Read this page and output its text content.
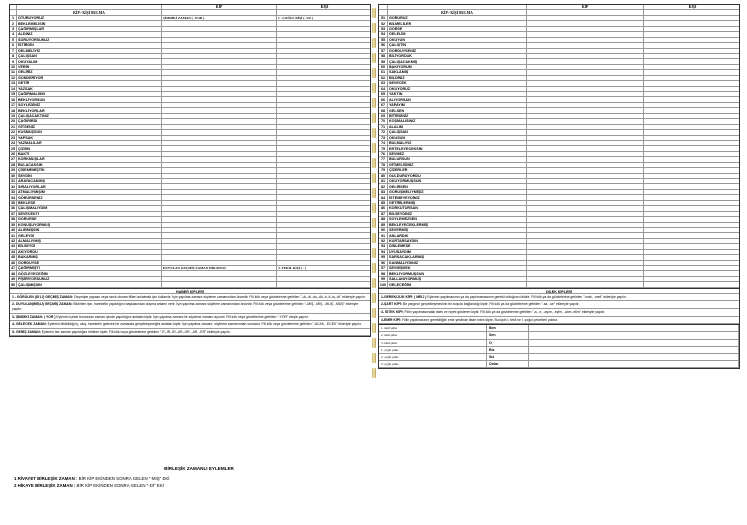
KİP	KİŞİ
KİP / KİŞİ BULMA
1	OTURUYORUZ	ŞİMDİKİ ZAMAN ( -YOR )	1 . ÇOĞUL KİŞİ ( -UZ )
2	BEKLEMELİSİN
3	ÇAĞIRMIŞLAR
4	ALDINIZ
5	SORUYORSUNUZ
6	İSTİRDİN
7	GELMELİYİZ
8	ÇALIŞSAN
9	OKUYALIM
10 VERİN
11 GELİRİZ
12 GÖNDERİYOR
13 GETİR
14 YAZSAK
15 ÇAĞIRMALISIN
16 BEKLİYORSUN
17 SÖYLEDİNİZ
18 BEKLİYORLAR
19 ÇALIŞACAKTINIZ
20 ÇAĞIRIRDI
21 GİTSENİZ
22 KÜSMÜŞSÜN
23 YAPSAK
24 YAZMALILAR
25 ÇİZSİN
26 BAKTI
27 KORKMUŞLAR
28 BULACAKSIN
29 ÇİSEMEMİŞTİK
30 SEVDİN
31 ARAYACAKMIŞ
32 SIRALIYORLAR
33 ATMALIYMIŞIM
34 GÖRÜRSENİZ
35 BEKLESE
36 ÇALIŞMALIYDIM
37 SEVECEKTİ
38 GÖRÜRSE
39 KONUŞUYORMUŞ
40 ALIRMIŞSIN
41 GELEYDİ
42 ALMALIYMIŞ
43 BİLSEYDİ
44 AKIYORDU
45 BAKARMIŞ
46 GÖRDÜYSE
47 ÇAĞIRMIŞTI	DUYULAN GEÇMİŞ ZAMAN HİKAYESİ	3. TEKİL KİŞİ ( - )
48 GÖZLEYECEĞİM
49 PİŞİRİYORSUNUZ
50 ÇALIŞMIŞSIN
HABER KİPLERİ
1 - GÖRÜLEN (Dİ Lİ) GEÇMİŞ ZAMAN: Geçmişte yapılan veya tanık olunan fiilleri anlatmak için kullanılır. İşin yapılma zamanı söyleme zamanından öncedir. Fiil kök veya gövdelerine getirilen "–dı,-di,-du,-dü,-tı,-ti,-tu,-tü" ekleriyle yapılır.
2- DUYULAN(MİŞLİ) GEÇMİŞ ZAMAN: Bildirilen işin, hareketin yapıldığını başkasından duyma anlamı verir. İşin yapılma zamanı söyleme zamanından öncedir. Fiil kök veya gövdelerine getirilen "–MIŞ, -MİŞ, -MUŞ, -MÜŞ" ekleriyle yapılır.
3- ŞİMDİKİ ZAMAN: ( YOR ) Eylemin içinde bulunulan zaman içinde yapıldığını anlatan kiptir. İşin yapılma zamanı ile söyleme zamanı aynıdır. Fiil kök veya gövdelerine getirilen "-YOR" ekiyle yapılır.
4- GELECEK ZAMAN: Eylemin bildirildiği iş, oluş, hareketin gelecek bir zamanda gerçekleşeceğini anlatan kiptir. İşin yapılma zamanı, söyleme zamanından sonradır. Fiil kök veya gövdelerine getirilen "-ACAK, -ECEK" ekleriyle yapılır.
5- GENİŞ ZAMAN: Eylemin her zaman yapıldığını bildiren kiptir. Fiil kök veya gövdelerine getirilen "-R,-IR,-İR,-UR,-ÜR, -AR, -ER" ekleriyle yapılır.
BİRLEŞİK ZAMANLI EYLEMLER
1 RİVAYET BİRLEŞİK ZAMAN : BİR KİP EKİNDEN SONRA GELEN "-MIŞ" EKİ
2 HİKAYE BİRLEŞİK ZAMAN : BİR KİP EKİNDEN SONRA GELEN "-Dİ" EKİ
KİP	KİŞİ
KİP / KİŞİ BULMA
51	GÖRÜRÜZ
52	BİLMELİLER
53	GÖRSE
54	GELELİM
55	OKUYUN
56	ÇALIŞTIN
57	GÖRDÜYSENİZ
58	BİLİYORDUK
59	ÇALIŞACAKMIŞ
60	BAKIYORUM
61	SAKLAMIŞ
62	BİLDİNİZ
63	SEVECEK
64	OKUYORUZ
65	YAKTIN
66	ALIYORSAN
67	YAPAYIM
68	GELSEN
69	BİTİRDİNİZ
70	KOŞMALISINIZ
71	ALALIM
72	ÇALIŞSAN
73	OKUSUN
74	BULMALIYIZ
75	ERTELEYECEKSİN
76	SEVMEZ
77	BULURSUN
78	GİTMELİSİNİZ
79	ÇİZERLER
80	GÜLDÜRÜYORDU
81	OKUYORMUŞSUN
82	GELİRSEN
83	GÖRÜŞMELİYMİŞİZ
84	İSTEMEYEYDİNİZ
85	GETİRİLERMİŞ
86	KORKUTURSAN
87	BİLSEYDİNİZ
88	SÖYLEMEZSEN
89	BEKLEYECEKLERMİŞ
90	SEVERMİŞ
91	ANLARDIK
92	KURTARSAYDIN
93	DİNLEMESE
94	UYUSAYDIM
95	SARSACAKLARMIŞ
96	KANMALIYDINIZ
97	SEVMİŞSEK
98	BEKLİYORMUŞSUN
99	SALLANIYORMUŞ
100 GELECEĞİM
DİLEK KİPLERİ
1-GEREKLİLİK KİPİ: ( MELİ ) Eylemin yapılmasının ya da yapılmamasının gerekli olduğunu bildirir. Fiil kök ya da gövdelerine getirilen "-malı, -meli" ekleriyle yapılır.
2-ŞART KİPİ: Bir yargının gerçekleşmesinin bir koşula bağlandığı kiptir. Fiil kök ya da gövdelerine getirilen "-sa, -se" ekleriyle yapılır.
3- İSTEK KİPİ: Fiilin yapılmasındaki istek ve niyeti gösteren kiptir. Fiil kök ya da gövdelerine getirilen "-a, -e, -ayım, -eyim, -alım -elim" ekleriyle yapılır.
4-EMİR KİPİ: Fiilin yapılmasının gerekliliğini emir şeklinde ifade eden kiptir. Bu kipin I. tekil ve I. çoğul çekimleri yoktur.
1. tekil şahıs	Ben
2. tekil şahıs	Sen
3. tekil şahıs	O
1. çoğul şahıs	Biz
2. çoğul şahıs	Siz
3. çoğul şahıs	Onlar
